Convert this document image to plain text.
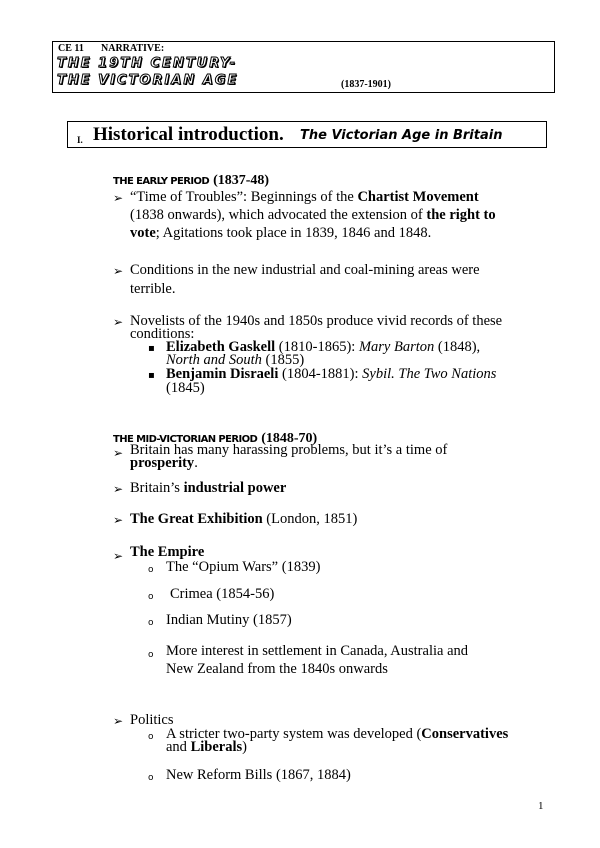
CE 11 NARRATIVE:
THE 19TH CENTURY-
THE VICTORIAN AGE	(1837-1901)
I. Historical introduction. The Victorian Age in Britain
THE EARLY PERIOD (1837-48)
➢ “Time of Troubles”: Beginnings of the Chartist Movement
(1838 onwards), which advocated the extension of the right to
vote; Agitations took place in 1839, 1846 and 1848.
➢ Conditions in the new industrial and coal-mining areas were
terrible.
➢ Novelists of the 1940s and 1850s produce vivid records of these
conditions:
▪ Elizabeth Gaskell (1810-1865): Mary Barton (1848),
North and South (1855)
▪ Benjamin Disraeli (1804-1881): Sybil. The Two Nations
(1845)
THE MID-VICTORIAN PERIOD (1848-70)
➢ Britain has many harassing problems, but it’s a time of
prosperity.
➢ Britain’s industrial power
➢ The Great Exhibition (London, 1851)
➢ The Empire
o The “Opium Wars” (1839)
o Crimea (1854-56)
o Indian Mutiny (1857)
o More interest in settlement in Canada, Australia and
New Zealand from the 1840s onwards
➢ Politics
o A stricter two-party system was developed (Conservatives
and Liberals)
o New Reform Bills (1867, 1884)
1
